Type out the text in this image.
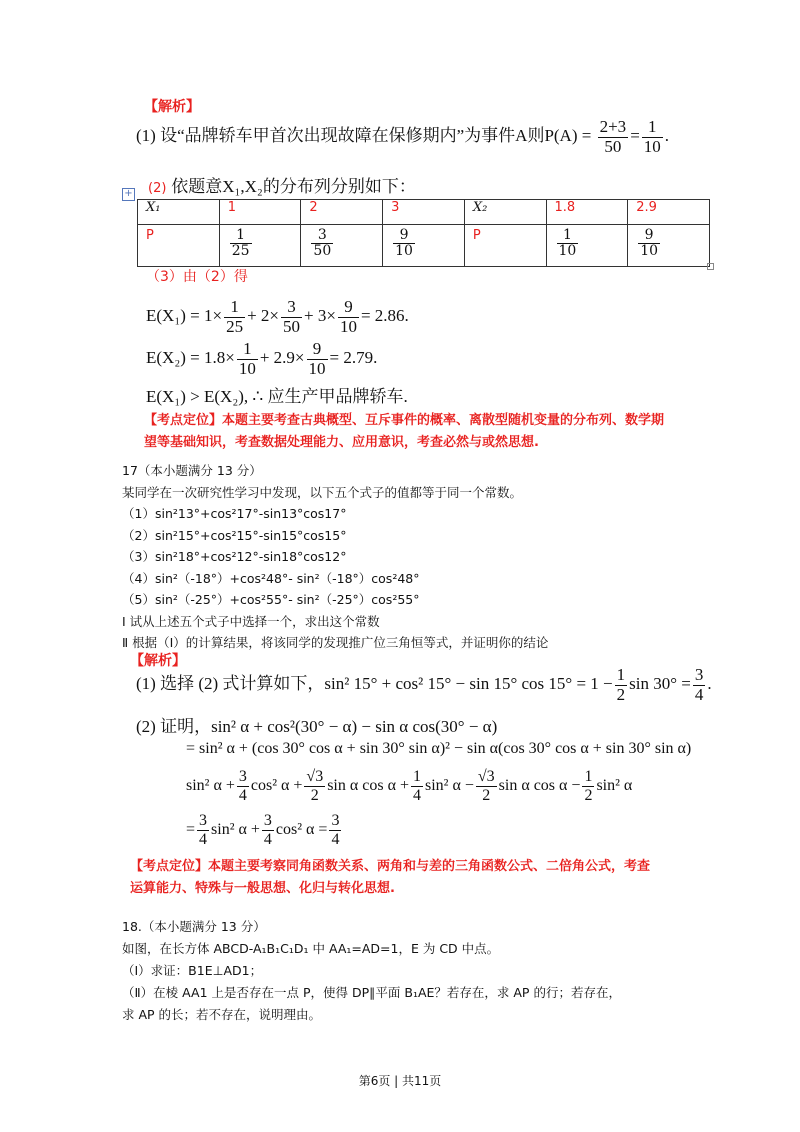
【解析】
(1) 设“品牌轿车甲首次出现故障在保修期内”为事件A则$P(A) = \frac{2+3}{50} = \frac{1}{10}$ .
(2) 依题意X₁,X₂的分布列分别如下：
+
X₁	1	2	3	X₂	1.8	2.9
P	$\frac{1}{25}$	$\frac{3}{50}$	$\frac{9}{10}$	P	$\frac{1}{10}$	$\frac{9}{10}$
（3）由（2）得
$E(X_1) = 1\times \frac{1}{25} + 2\times \frac{3}{50} + 3\times \frac{9}{10} = 2.86$.
$E(X_2) = 1.8\times \frac{1}{10} + 2.9\times \frac{9}{10} = 2.79$.
E(X₁) > E(X₂), ∴ 应生产甲品牌轿车.
【考点定位】本题主要考查古典概型、互斥事件的概率、离散型随机变量的分布列、数学期
望等基础知识，考查数据处理能力、应用意识，考查必然与或然思想.
17（本小题满分 13 分）
某同学在一次研究性学习中发现，以下五个式子的值都等于同一个常数。
（1）sin²13°+cos²17°-sin13°cos17°
（2）sin²15°+cos²15°-sin15°cos15°
（3）sin²18°+cos²12°-sin18°cos12°
（4）sin²（-18°）+cos²48°- sin²（-18°）cos²48°
（5）sin²（-25°）+cos²55°- sin²（-25°）cos²55°
Ⅰ 试从上述五个式子中选择一个，求出这个常数
Ⅱ 根据（Ⅰ）的计算结果，将该同学的发现推广位三角恒等式，并证明你的结论
【解析】
(1) 选择 (2) 式计算如下，sin² 15° + cos² 15° − sin 15° $\cos 15^\circ = 1 - \frac{1}{2}$ $\sin 30^\circ = \frac{3}{4}$ .
(2) 证明，sin² α + cos²(30° − α) − sin α cos(30° − α)
= sin² α + (cos 30° cos α + sin 30° sin α)² − sin α(cos 30° cos α + sin 30° sin α)
sin² $\alpha + \frac{3}{4} \cos^2$ $\alpha + \frac{√3}{2}$ sin α $\cos \alpha + \frac{1}{4} \sin^2$ $\alpha - \frac{√3}{2}$ sin α $\cos \alpha - \frac{1}{2} \sin^2$ α
= $\frac{3}{4} \sin^2$ $\alpha + \frac{3}{4} \cos^2$ $\alpha = \frac{3}{4}$
【考点定位】本题主要考察同角函数关系、两角和与差的三角函数公式、二倍角公式，考查
运算能力、特殊与一般思想、化归与转化思想.
18.（本小题满分 13 分）
如图，在长方体 ABCD-A₁B₁C₁D₁ 中 AA₁=AD=1，E 为 CD 中点。
（Ⅰ）求证：B1E⊥AD1；
（Ⅱ）在棱 AA1 上是否存在一点 P，使得 DP∥平面 B₁AE？若存在，求 AP 的行；若存在，
求 AP 的长；若不存在，说明理由。
第6页 | 共11页
